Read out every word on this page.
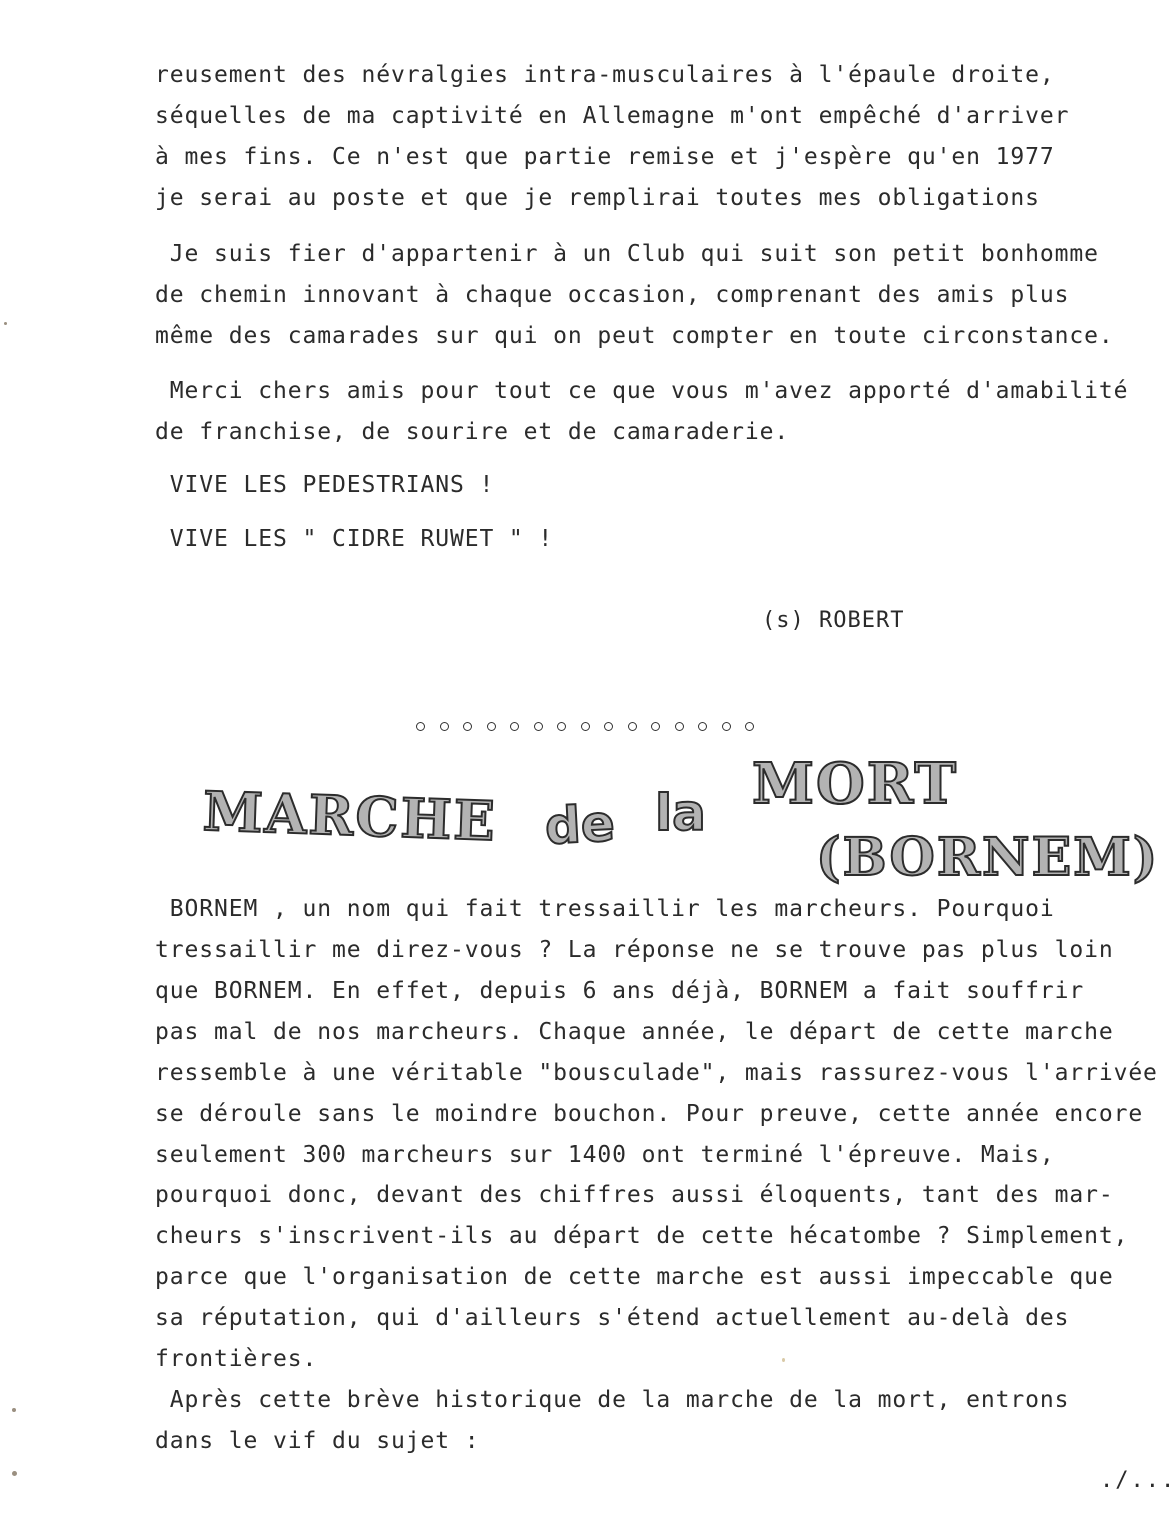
reusement des névralgies intra-musculaires à l'épaule droite,
séquelles de ma captivité en Allemagne m'ont empêché d'arriver
à mes fins. Ce n'est que partie remise et j'espère qu'en 1977
je serai au poste et que je remplirai toutes mes obligations
Je suis fier d'appartenir à un Club qui suit son petit bonhomme
de chemin innovant à chaque occasion, comprenant des amis plus
même des camarades sur qui on peut compter en toute circonstance.
Merci chers amis pour tout ce que vous m'avez apporté d'amabilité
de franchise, de sourire et de camaraderie.
VIVE LES PEDESTRIANS !
VIVE LES " CIDRE RUWET " !
(s) ROBERT
MARCHE de la MORT
(BORNEM)
BORNEM , un nom qui fait tressaillir les marcheurs. Pourquoi
tressaillir me direz-vous ? La réponse ne se trouve pas plus loin
que BORNEM. En effet, depuis 6 ans déjà, BORNEM a fait souffrir
pas mal de nos marcheurs. Chaque année, le départ de cette marche
ressemble à une véritable "bousculade", mais rassurez-vous l'arrivée
se déroule sans le moindre bouchon. Pour preuve, cette année encore
seulement 300 marcheurs sur 1400 ont terminé l'épreuve. Mais,
pourquoi donc, devant des chiffres aussi éloquents, tant des mar-
cheurs s'inscrivent-ils au départ de cette hécatombe ? Simplement,
parce que l'organisation de cette marche est aussi impeccable que
sa réputation, qui d'ailleurs s'étend actuellement au-delà des
frontières.
Après cette brève historique de la marche de la mort, entrons
dans le vif du sujet :
./...
